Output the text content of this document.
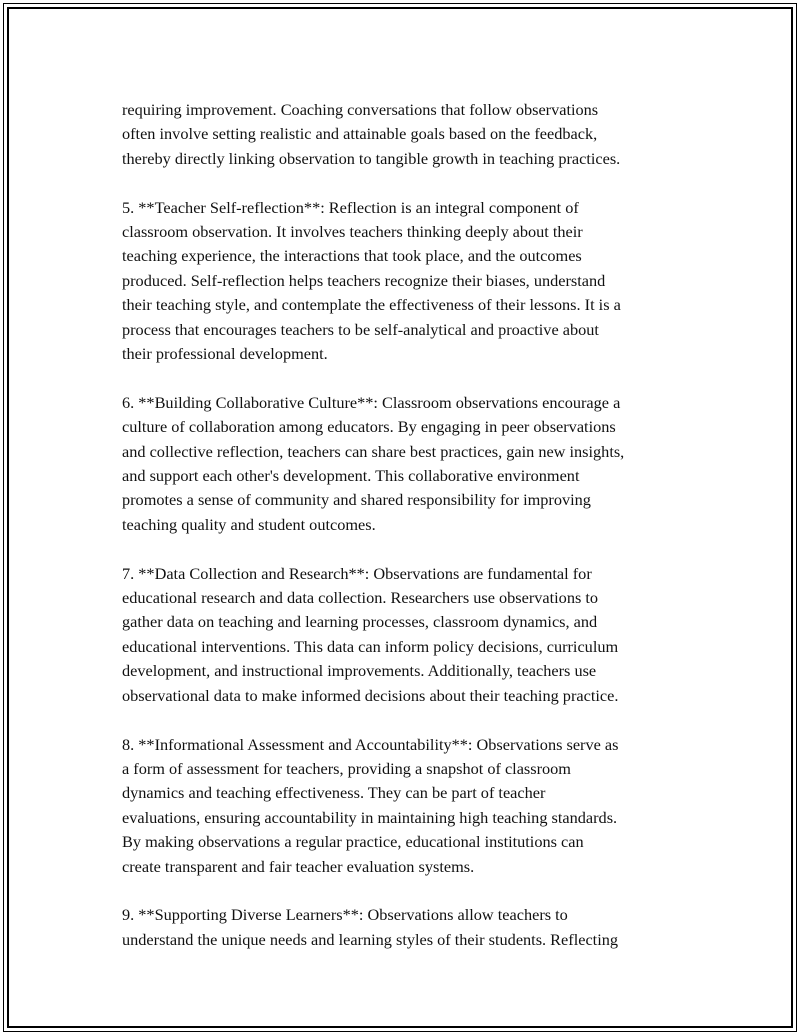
requiring improvement. Coaching conversations that follow observations
often involve setting realistic and attainable goals based on the feedback,
thereby directly linking observation to tangible growth in teaching practices.

5. **Teacher Self-reflection**: Reflection is an integral component of
classroom observation. It involves teachers thinking deeply about their
teaching experience, the interactions that took place, and the outcomes
produced. Self-reflection helps teachers recognize their biases, understand
their teaching style, and contemplate the effectiveness of their lessons. It is a
process that encourages teachers to be self-analytical and proactive about
their professional development.

6. **Building Collaborative Culture**: Classroom observations encourage a
culture of collaboration among educators. By engaging in peer observations
and collective reflection, teachers can share best practices, gain new insights,
and support each other's development. This collaborative environment
promotes a sense of community and shared responsibility for improving
teaching quality and student outcomes.

7. **Data Collection and Research**: Observations are fundamental for
educational research and data collection. Researchers use observations to
gather data on teaching and learning processes, classroom dynamics, and
educational interventions. This data can inform policy decisions, curriculum
development, and instructional improvements. Additionally, teachers use
observational data to make informed decisions about their teaching practice.

8. **Informational Assessment and Accountability**: Observations serve as
a form of assessment for teachers, providing a snapshot of classroom
dynamics and teaching effectiveness. They can be part of teacher
evaluations, ensuring accountability in maintaining high teaching standards.
By making observations a regular practice, educational institutions can
create transparent and fair teacher evaluation systems.

9. **Supporting Diverse Learners**: Observations allow teachers to
understand the unique needs and learning styles of their students. Reflecting
